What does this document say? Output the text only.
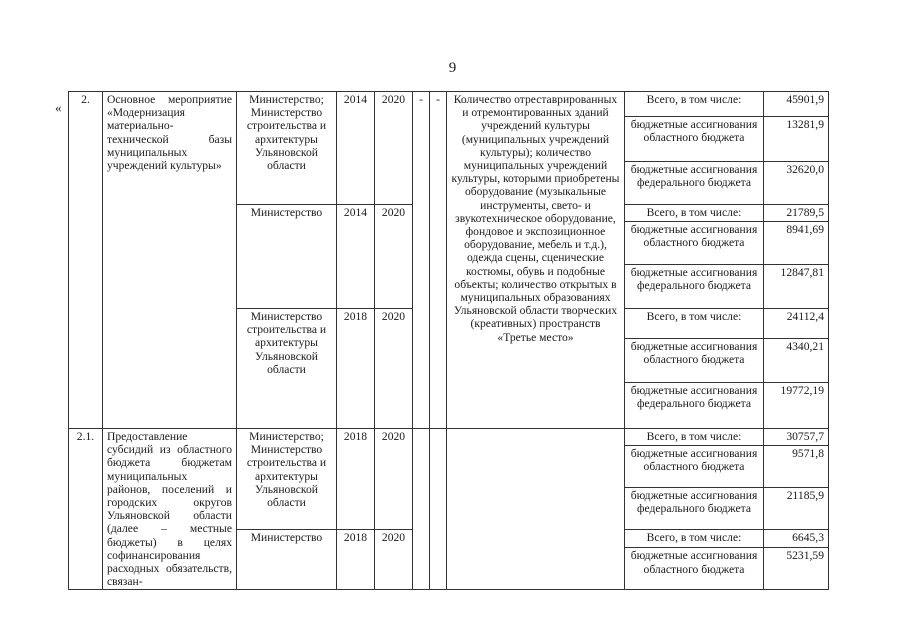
9
«
2.	Основное мероприятие «Модернизация материально-технической базы муниципальных учреждений культуры»	Министерство; Министерство строительства и архитектуры Ульяновской области	2014	2020	-	-	Количество отреставрированных и отремонтированных зданий учреждений культуры (муниципальных учреждений культуры); количество муниципальных учреждений культуры, которыми приобретены оборудование (музыкальные инструменты, свето- и звукотехническое оборудование, фондовое и экспозиционное оборудование, мебель и т.д.), одежда сцены, сценические костюмы, обувь и подобные объекты; количество открытых в муниципальных образованиях Ульяновской области творческих (креативных) пространств «Третье место»	Всего, в том числе:	45901,9
								бюджетные ассигнования областного бюджета	13281,9
								бюджетные ассигнования федерального бюджета	32620,0
		Министерство	2014	2020				Всего, в том числе:	21789,5
								бюджетные ассигнования областного бюджета	8941,69
								бюджетные ассигнования федерального бюджета	12847,81
		Министерство строительства и архитектуры Ульяновской области	2018	2020				Всего, в том числе:	24112,4
								бюджетные ассигнования областного бюджета	4340,21
								бюджетные ассигнования федерального бюджета	19772,19
2.1.	Предоставление субсидий из областного бюджета бюджетам муниципальных районов, поселений и городских округов Ульяновской области (далее – местные бюджеты) в целях софинансирования расходных обязательств, связан-	Министерство; Министерство строительства и архитектуры Ульяновской области	2018	2020				Всего, в том числе:	30757,7
								бюджетные ассигнования областного бюджета	9571,8
								бюджетные ассигнования федерального бюджета	21185,9
		Министерство	2018	2020				Всего, в том числе:	6645,3
								бюджетные ассигнования областного бюджета	5231,59
